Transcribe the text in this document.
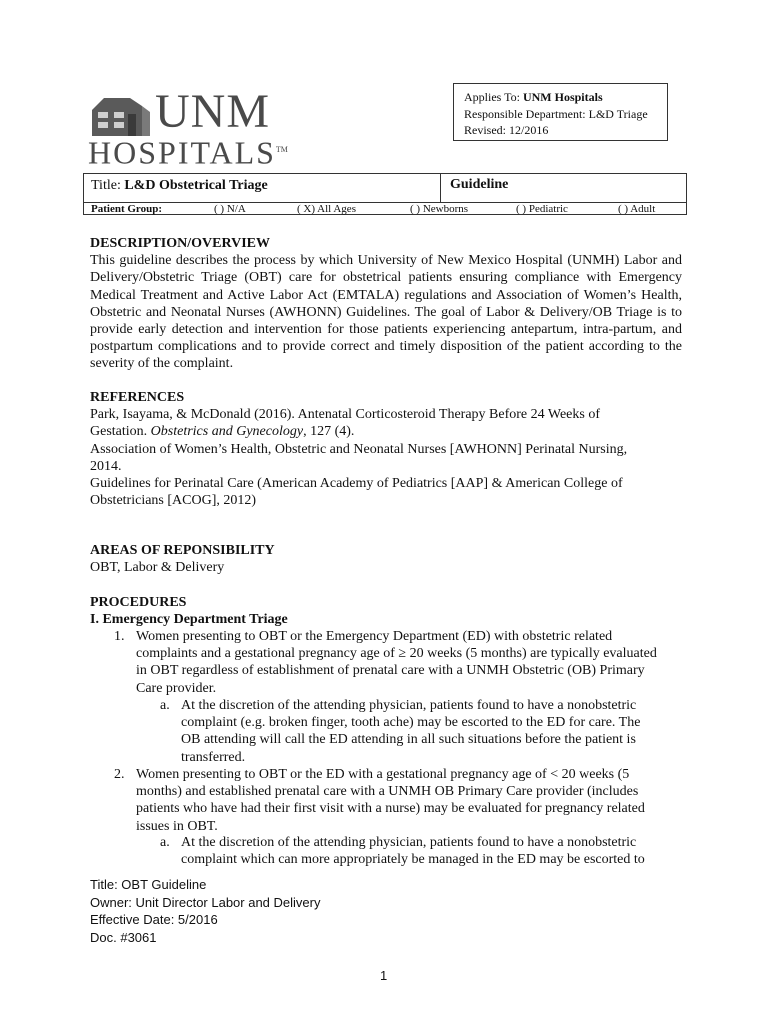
UNM
HOSPITALS™
Applies To: UNM Hospitals
Responsible Department: L&D Triage
Revised: 12/2016
Title: L&D Obstetrical Triage	Guideline
Patient Group:	( ) N/A	( X) All Ages	( ) Newborns	( ) Pediatric	( ) Adult
DESCRIPTION/OVERVIEW
This guideline describes the process by which University of New Mexico Hospital (UNMH) Labor and Delivery/Obstetric Triage (OBT) care for obstetrical patients ensuring compliance with Emergency Medical Treatment and Active Labor Act (EMTALA) regulations and Association of Women’s Health, Obstetric and Neonatal Nurses (AWHONN) Guidelines. The goal of Labor & Delivery/OB Triage is to provide early detection and intervention for those patients experiencing antepartum, intra-partum, and postpartum complications and to provide correct and timely disposition of the patient according to the severity of the complaint.
REFERENCES
Park, Isayama, & McDonald (2016). Antenatal Corticosteroid Therapy Before 24 Weeks of
Gestation. Obstetrics and Gynecology, 127 (4).
Association of Women’s Health, Obstetric and Neonatal Nurses [AWHONN] Perinatal Nursing,
2014.
Guidelines for Perinatal Care (American Academy of Pediatrics [AAP] & American College of
Obstetricians [ACOG], 2012)
AREAS OF REPONSIBILITY
OBT, Labor & Delivery
PROCEDURES
I. Emergency Department Triage
1. Women presenting to OBT or the Emergency Department (ED) with obstetric related
complaints and a gestational pregnancy age of ≥ 20 weeks (5 months) are typically evaluated
in OBT regardless of establishment of prenatal care with a UNMH Obstetric (OB) Primary
Care provider.
a. At the discretion of the attending physician, patients found to have a nonobstetric
complaint (e.g. broken finger, tooth ache) may be escorted to the ED for care. The
OB attending will call the ED attending in all such situations before the patient is
transferred.
2. Women presenting to OBT or the ED with a gestational pregnancy age of < 20 weeks (5
months) and established prenatal care with a UNMH OB Primary Care provider (includes
patients who have had their first visit with a nurse) may be evaluated for pregnancy related
issues in OBT.
a. At the discretion of the attending physician, patients found to have a nonobstetric
complaint which can more appropriately be managed in the ED may be escorted to
Title: OBT Guideline
Owner: Unit Director Labor and Delivery
Effective Date: 5/2016
Doc. #3061
1
